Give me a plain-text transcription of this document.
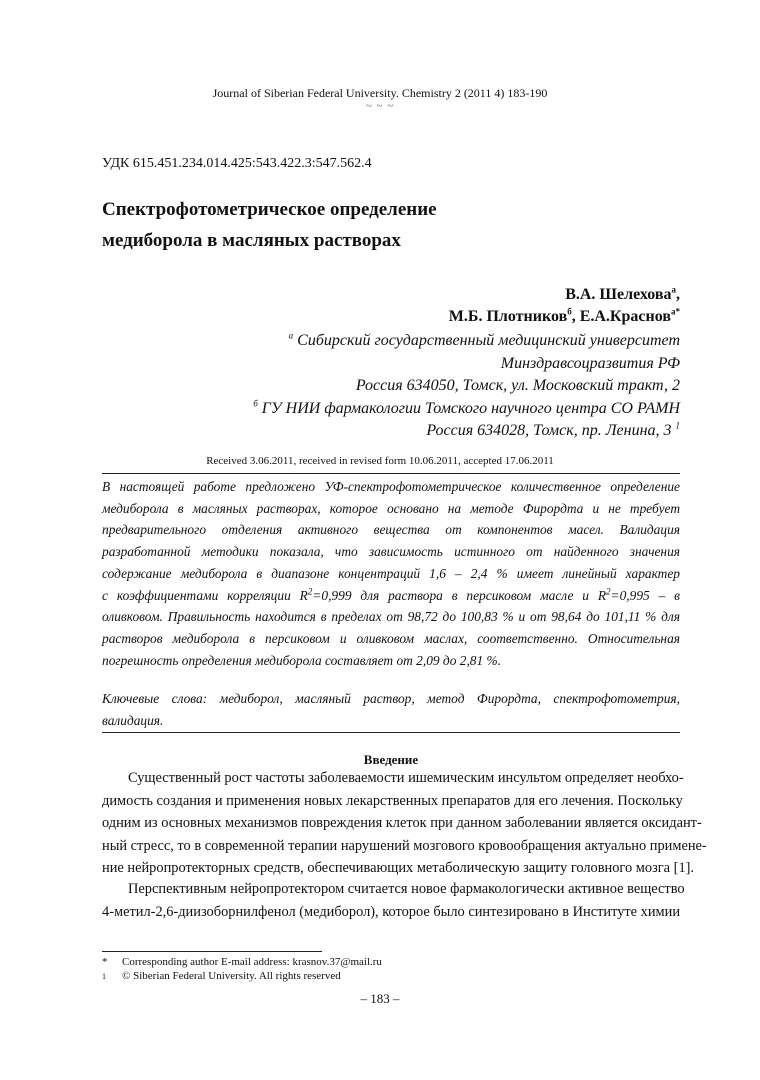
Journal of Siberian Federal University. Chemistry 2 (2011 4) 183-190
~ ~ ~
УДК 615.451.234.014.425:543.422.3:547.562.4
Спектрофотометрическое определение
медиборола в масляных растворах
В.А. Шелехова$^а$,
М.Б. Плотников$^б$, Е.А.Краснов$^{а*}$
$^а$ Сибирский государственный медицинский университет
Минздравсоцразвития РФ
Россия 634050, Томск, ул. Московский тракт, 2
$^б$ ГУ НИИ фармакологии Томского научного центра СО РАМН
Россия 634028, Томск, пр. Ленина, 3 $^1$
Received 3.06.2011, received in revised form 10.06.2011, accepted 17.06.2011
В настоящей работе предложено УФ-спектрофотометрическое количественное определение
медиборола в масляных растворах, которое основано на методе Фирордта и не требует
предварительного отделения активного вещества от компонентов масел. Валидация
разработанной методики показала, что зависимость истинного от найденного значения
содержание медиборола в диапазоне концентраций 1,6 – 2,4 % имеет линейный характер
с коэффициентами корреляции $R^2=0,999$ для раствора в персиковом масле и $R^2=0,995 - в$
оливковом. Правильность находится в пределах от 98,72 до 100,83 % и от 98,64 до 101,11 % для
растворов медиборола в персиковом и оливковом маслах, соответственно. Относительная
погрешность определения медиборола составляет от 2,09 до 2,81 %.
Ключевые слова: медиборол, масляный раствор, метод Фирордта, спектрофотометрия,
валидация.
Введение
Существенный рост частоты заболеваемости ишемическим инсультом определяет необхо-
димость создания и применения новых лекарственных препаратов для его лечения. Поскольку
одним из основных механизмов повреждения клеток при данном заболевании является оксидант-
ный стресс, то в современной терапии нарушений мозгового кровообращения актуально примене-
ние нейропротекторных средств, обеспечивающих метаболическую защиту головного мозга [1].
Перспективным нейропротектором считается новое фармакологически активное вещество
4-метил-2,6-диизоборнилфенол (медиборол), которое было синтезировано в Институте химии
*	Corresponding author E-mail address: krasnov.37@mail.ru
1	© Siberian Federal University. All rights reserved
– 183 –
